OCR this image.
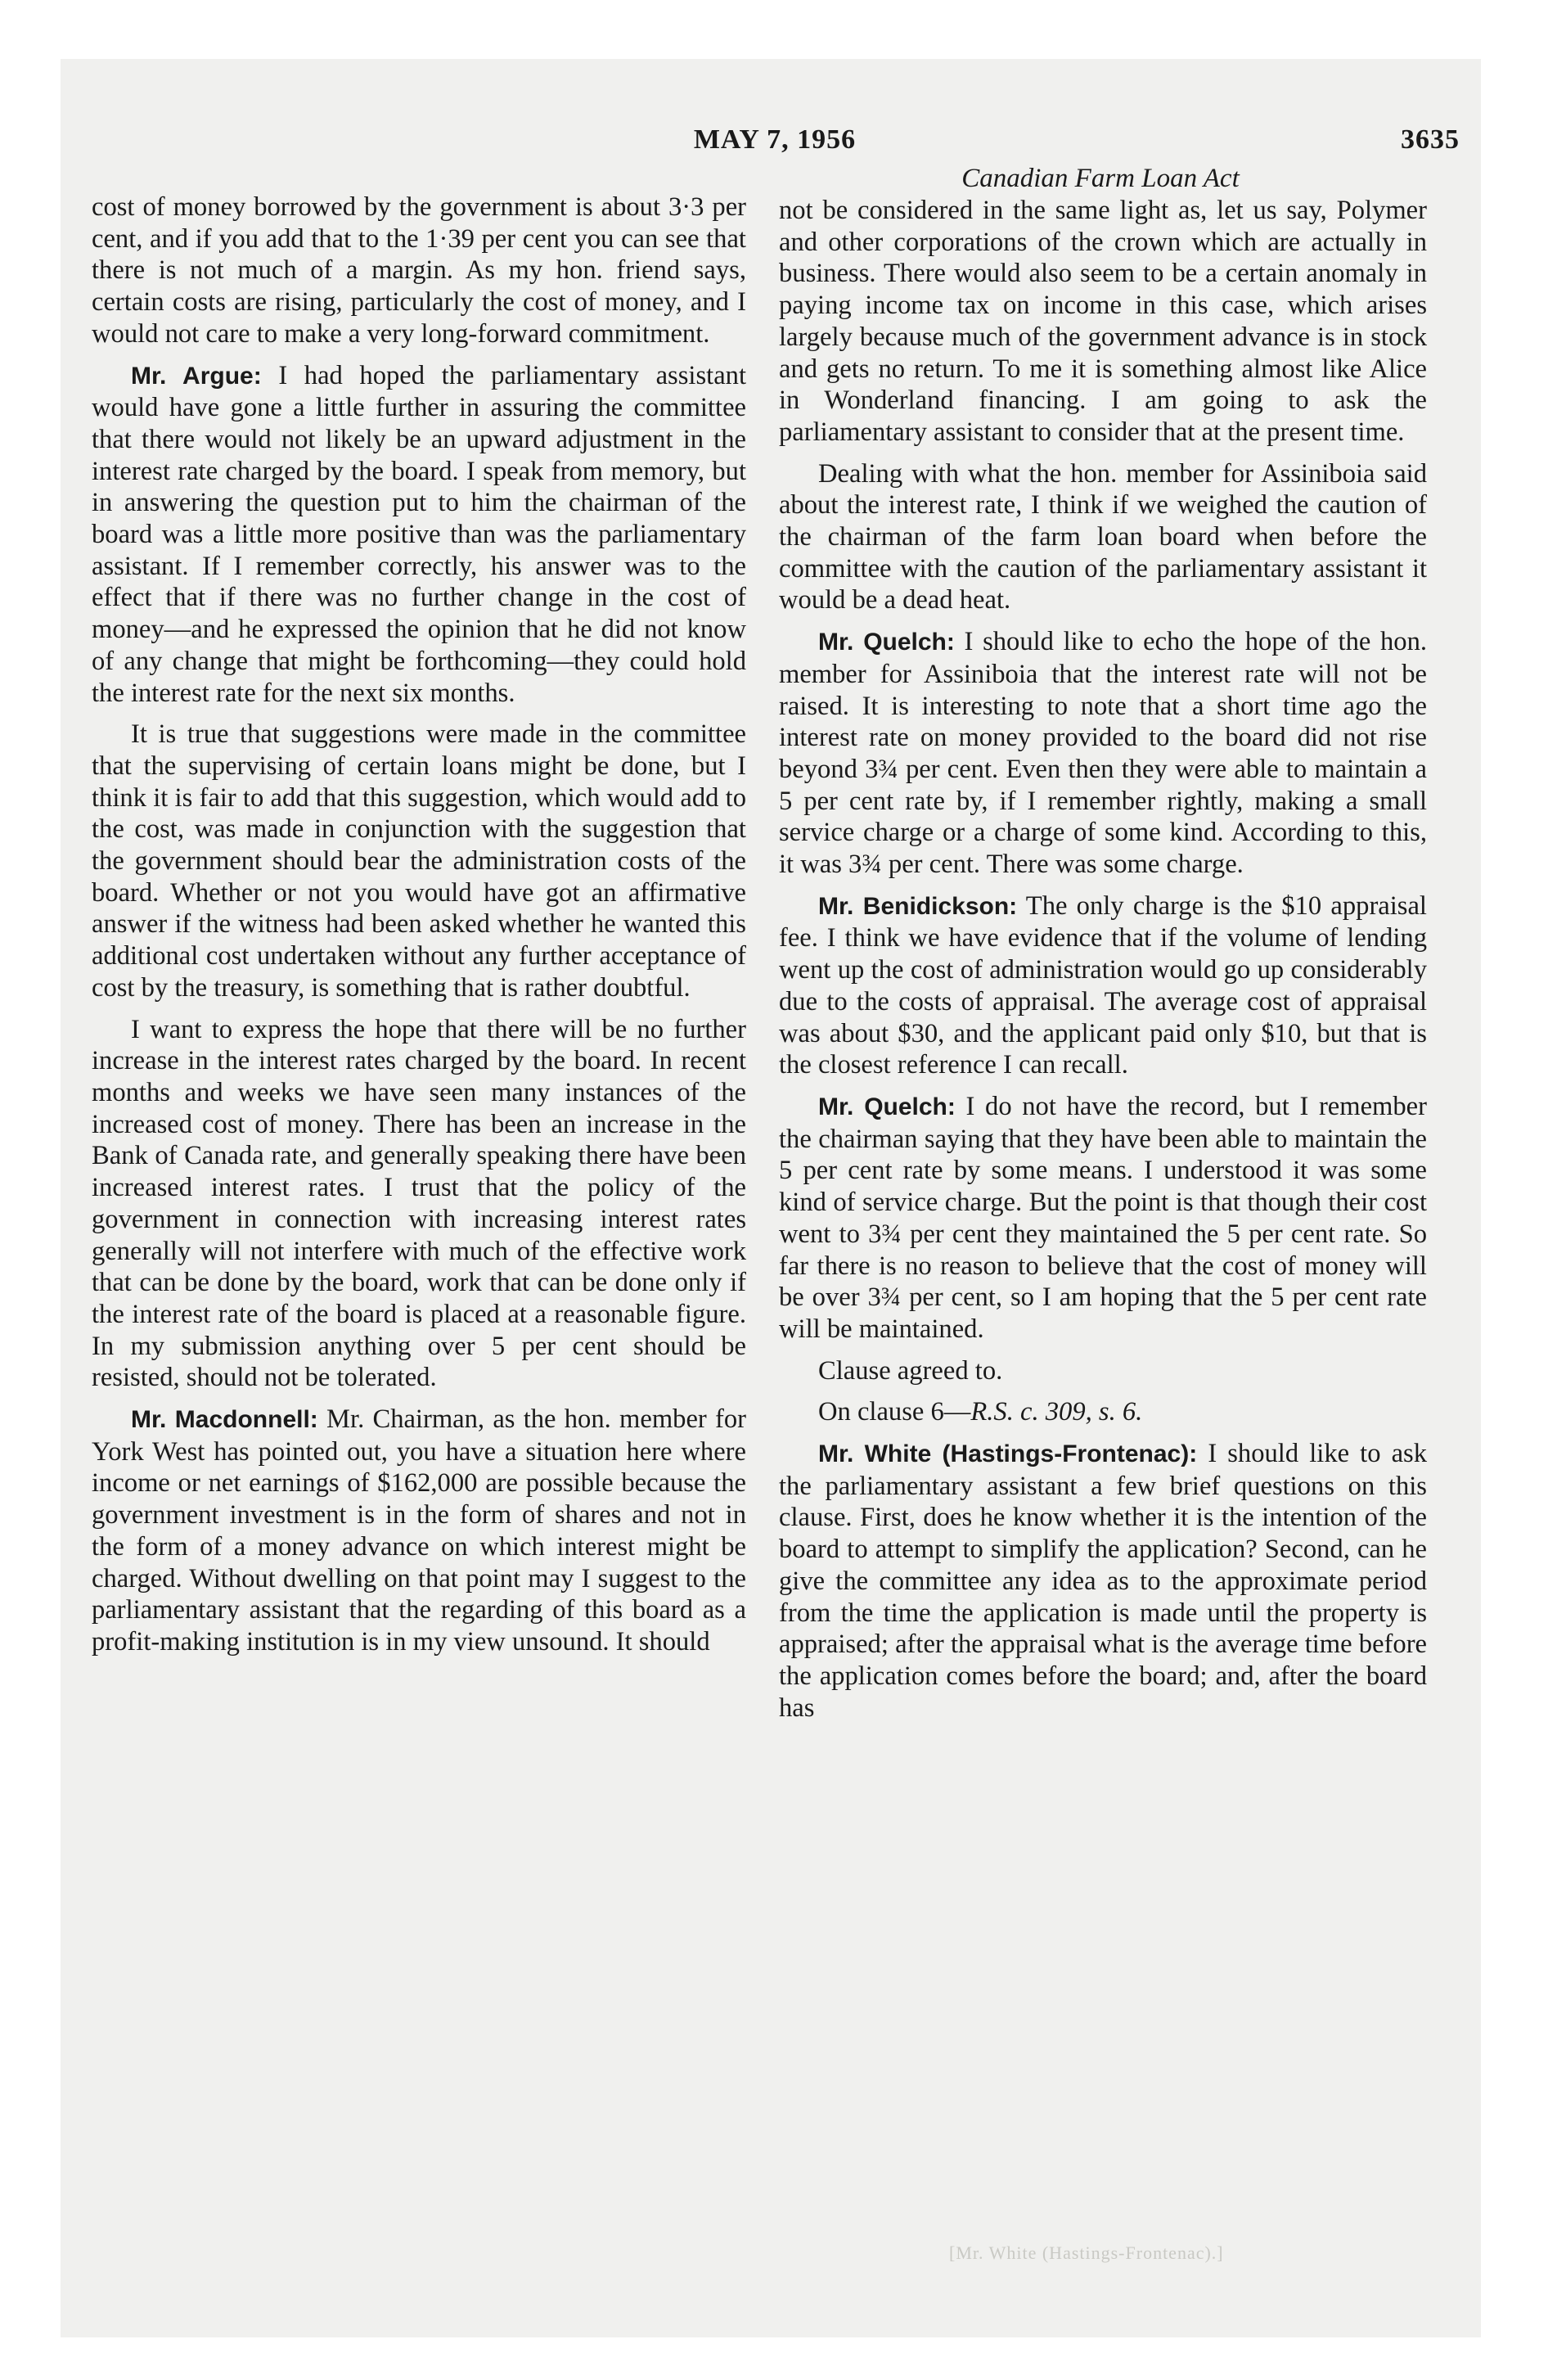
MAY 7, 1956	3635
Canadian Farm Loan Act

cost of money borrowed by the government is about 3·3 per cent, and if you add that to the 1·39 per cent you can see that there is not much of a margin. As my hon. friend says, certain costs are rising, particularly the cost of money, and I would not care to make a very long-forward commitment.

Mr. Argue: I had hoped the parliamentary assistant would have gone a little further in assuring the committee that there would not likely be an upward adjustment in the interest rate charged by the board. I speak from memory, but in answering the question put to him the chairman of the board was a little more positive than was the parliamentary assistant. If I remember correctly, his answer was to the effect that if there was no further change in the cost of money—and he expressed the opinion that he did not know of any change that might be forthcoming—they could hold the interest rate for the next six months.

It is true that suggestions were made in the committee that the supervising of certain loans might be done, but I think it is fair to add that this suggestion, which would add to the cost, was made in conjunction with the suggestion that the government should bear the administration costs of the board. Whether or not you would have got an affirmative answer if the witness had been asked whether he wanted this additional cost undertaken without any further acceptance of cost by the treasury, is something that is rather doubtful.

I want to express the hope that there will be no further increase in the interest rates charged by the board. In recent months and weeks we have seen many instances of the increased cost of money. There has been an increase in the Bank of Canada rate, and generally speaking there have been increased interest rates. I trust that the policy of the government in connection with increasing interest rates generally will not interfere with much of the effective work that can be done by the board, work that can be done only if the interest rate of the board is placed at a reasonable figure. In my submission anything over 5 per cent should be resisted, should not be tolerated.

Mr. Macdonnell: Mr. Chairman, as the hon. member for York West has pointed out, you have a situation here where income or net earnings of $162,000 are possible because the government investment is in the form of shares and not in the form of a money advance on which interest might be charged. Without dwelling on that point may I suggest to the parliamentary assistant that the regarding of this board as a profit-making institution is in my view unsound. It should

not be considered in the same light as, let us say, Polymer and other corporations of the crown which are actually in business. There would also seem to be a certain anomaly in paying income tax on income in this case, which arises largely because much of the government advance is in stock and gets no return. To me it is something almost like Alice in Wonderland financing. I am going to ask the parliamentary assistant to consider that at the present time.

Dealing with what the hon. member for Assiniboia said about the interest rate, I think if we weighed the caution of the chairman of the farm loan board when before the committee with the caution of the parliamentary assistant it would be a dead heat.

Mr. Quelch: I should like to echo the hope of the hon. member for Assiniboia that the interest rate will not be raised. It is interesting to note that a short time ago the interest rate on money provided to the board did not rise beyond 3¾ per cent. Even then they were able to maintain a 5 per cent rate by, if I remember rightly, making a small service charge or a charge of some kind. According to this, it was 3¾ per cent. There was some charge.

Mr. Benidickson: The only charge is the $10 appraisal fee. I think we have evidence that if the volume of lending went up the cost of administration would go up considerably due to the costs of appraisal. The average cost of appraisal was about $30, and the applicant paid only $10, but that is the closest reference I can recall.

Mr. Quelch: I do not have the record, but I remember the chairman saying that they have been able to maintain the 5 per cent rate by some means. I understood it was some kind of service charge. But the point is that though their cost went to 3¾ per cent they maintained the 5 per cent rate. So far there is no reason to believe that the cost of money will be over 3¾ per cent, so I am hoping that the 5 per cent rate will be maintained.

Clause agreed to.

On clause 6—R.S. c. 309, s. 6.

Mr. White (Hastings-Frontenac): I should like to ask the parliamentary assistant a few brief questions on this clause. First, does he know whether it is the intention of the board to attempt to simplify the application? Second, can he give the committee any idea as to the approximate period from the time the application is made until the property is appraised; after the appraisal what is the average time before the application comes before the board; and, after the board has

[Mr. White (Hastings-Frontenac).]
